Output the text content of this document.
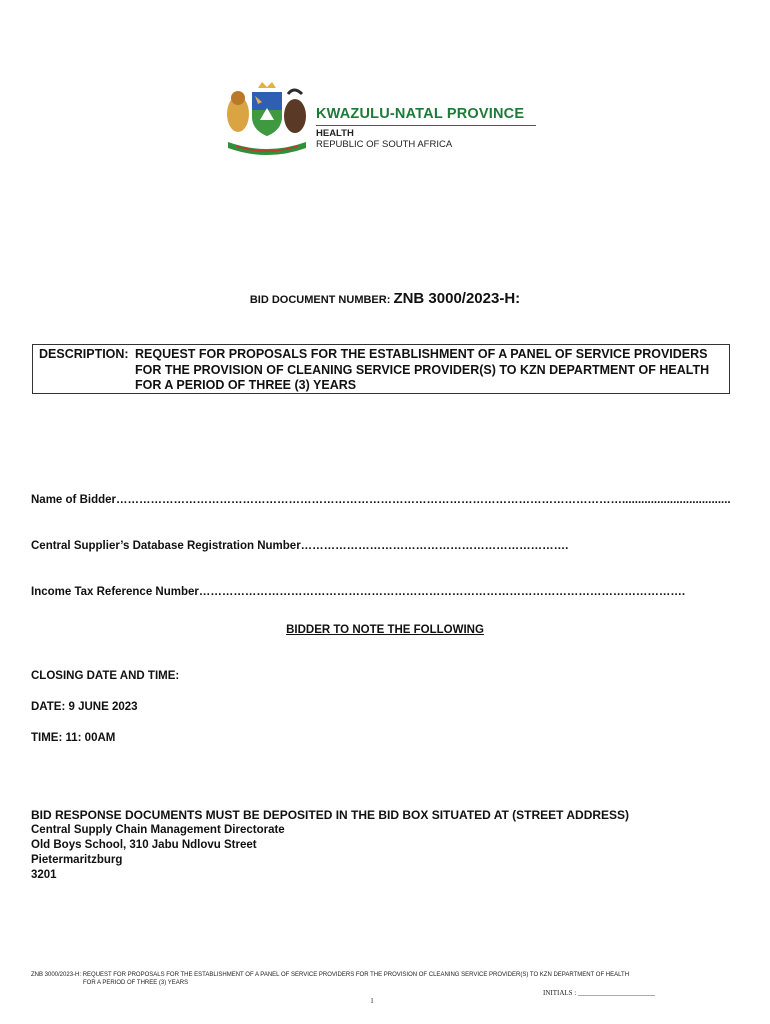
KWAZULU-NATAL PROVINCE
HEALTH
REPUBLIC OF SOUTH AFRICA
BID DOCUMENT NUMBER: ZNB 3000/2023-H:
DESCRIPTION: REQUEST FOR PROPOSALS FOR THE ESTABLISHMENT OF A PANEL OF SERVICE PROVIDERS FOR THE PROVISION OF CLEANING SERVICE PROVIDER(S) TO KZN DEPARTMENT OF HEALTH FOR A PERIOD OF THREE (3) YEARS
Name of Bidder……………………………………………………………………………………………………………………..................................
Central Supplier’s Database Registration Number…………………………………………………………….
Income Tax Reference Number……………………………………………………………………………………………………………….
BIDDER TO NOTE THE FOLLOWING
CLOSING DATE AND TIME:
DATE: 9 JUNE 2023
TIME: 11: 00AM
BID RESPONSE DOCUMENTS MUST BE DEPOSITED IN THE BID BOX SITUATED AT (STREET ADDRESS)
Central Supply Chain Management Directorate
Old Boys School, 310 Jabu Ndlovu Street
Pietermaritzburg
3201
ZNB 3000/2023-H: REQUEST FOR PROPOSALS FOR THE ESTABLISHMENT OF A PANEL OF SERVICE PROVIDERS FOR THE PROVISION OF CLEANING SERVICE PROVIDER(S) TO KZN DEPARTMENT OF HEALTH
FOR A PERIOD OF THREE (3) YEARS
INITIALS : ______________________
1
